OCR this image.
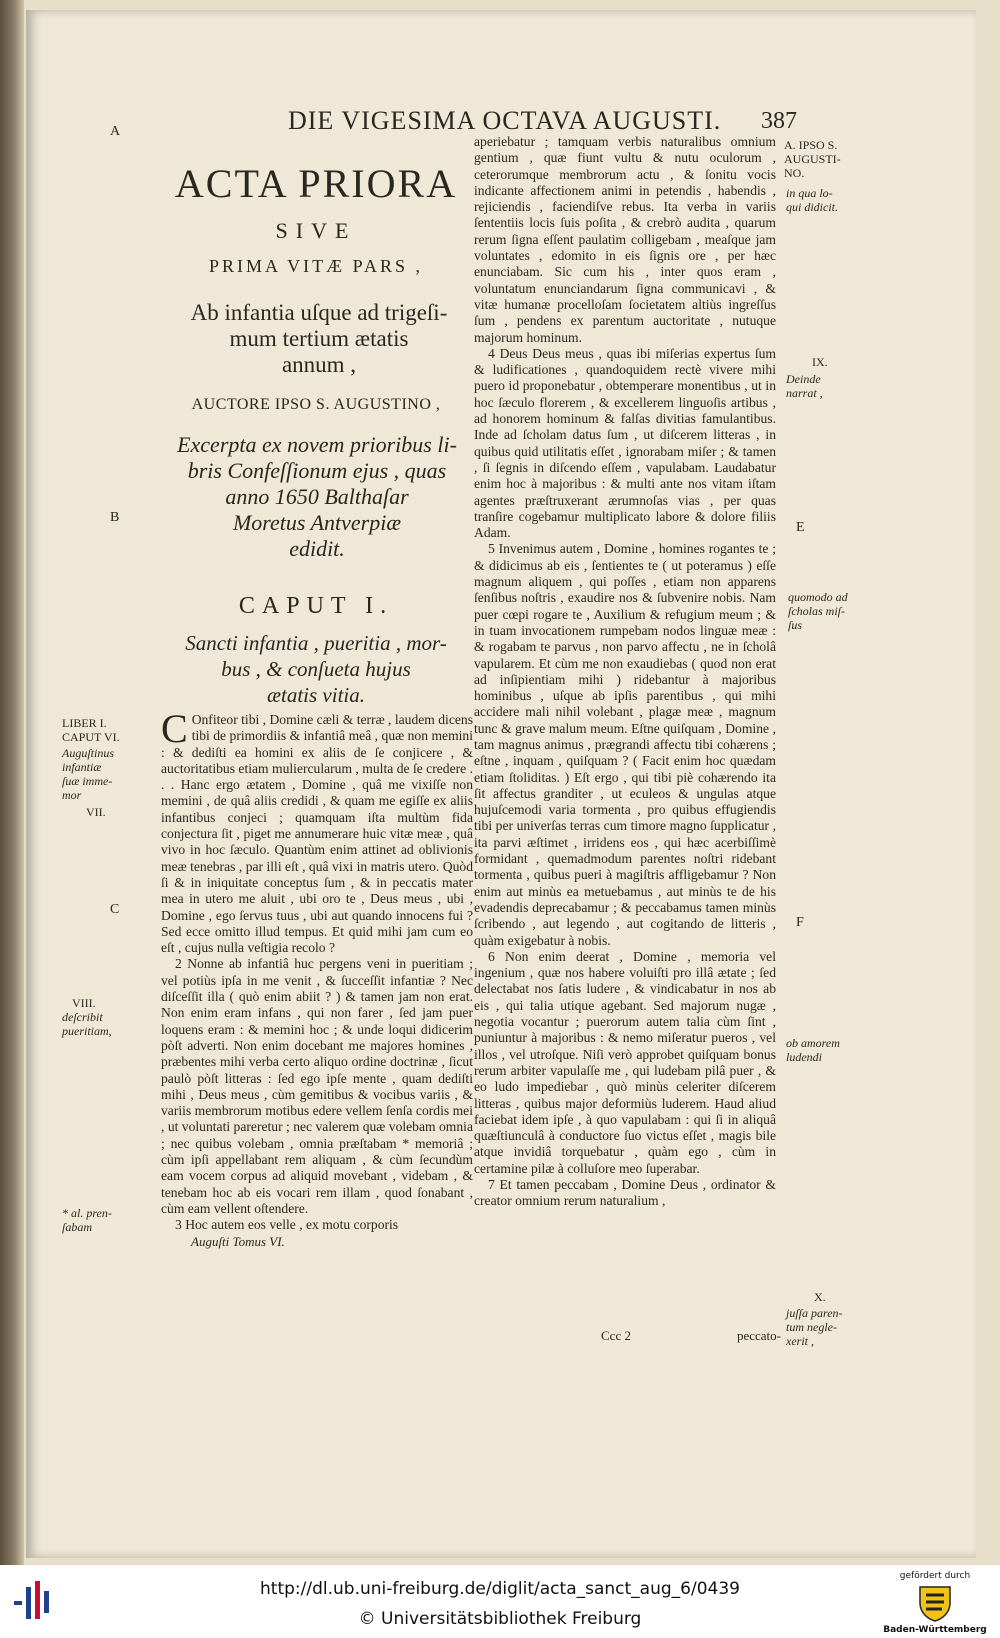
DIE VIGESIMA OCTAVA AUGUSTI. 387
A
B
C
E
F
ACTA PRIORA
SIVE
PRIMA VITÆ PARS ,
Ab infantia uſque ad trigeſi-
mum tertium ætatis
annum ,
AUCTORE IPSO S. AUGUSTINO ,
Excerpta ex novem prioribus li-
bris Confeſſionum ejus , quas
anno 1650 Balthaſar
Moretus Antverpiæ
edidit.
CAPUT I.
Sancti infantia , pueritia , mor-
bus , & conſueta hujus
ætatis vitia.

C Onfiteor tibi , Domine cæli & terræ , laudem dicens tibi de primordiis & infantiâ meâ , quæ non memini : & dediſti ea homini ex aliis de ſe conjicere , & auctoritatibus etiam muliercularum , multa de ſe credere . . . Hanc ergo ætatem , Domine , quâ me vixiſſe non memini , de quâ aliis credidi , & quam me egiſſe ex aliis infantibus conjeci ; quamquam iſta multùm fida conjectura ſit , piget me annumerare huic vitæ meæ , quâ vivo in hoc ſæculo. Quantùm enim attinet ad oblivionis meæ tenebras , par illi eſt , quâ vixi in matris utero. Quòd ſi & in iniquitate conceptus ſum , & in peccatis mater mea in utero me aluit , ubi oro te , Deus meus , ubi , Domine , ego ſervus tuus , ubi aut quando innocens fui ? Sed ecce omitto illud tempus. Et quid mihi jam cum eo eſt , cujus nulla veſtigia recolo ?

2 Nonne ab infantiâ huc pergens veni in pueritiam ; vel potiùs ipſa in me venit , & ſucceſſit infantiæ ? Nec diſceſſit illa ( quò enim abiit ? ) & tamen jam non erat. Non enim eram infans , qui non farer , ſed jam puer loquens eram : & memini hoc ; & unde loqui didicerim pòſt adverti. Non enim docebant me majores homines , præbentes mihi verba certo aliquo ordine doctrinæ , ſicut paulò pòſt litteras : ſed ego ipſe mente , quam dediſti mihi , Deus meus , cùm gemitibus & vocibus variis , & variis membrorum motibus edere vellem ſenſa cordis mei , ut voluntati pareretur ; nec valerem quæ volebam omnia ; nec quibus volebam , omnia præſtabam * memoriâ ; cùm ipſi appellabant rem aliquam , & cùm ſecundùm eam vocem corpus ad aliquid movebant , videbam , & tenebam hoc ab eis vocari rem illam , quod ſonabant , cùm eam vellent oſtendere.

3 Hoc autem eos velle , ex motu corporis

Auguſti Tomus VI.

aperiebatur ; tamquam verbis naturalibus omnium gentium , quæ fiunt vultu & nutu oculorum , ceterorumque membrorum actu , & ſonitu vocis indicante affectionem animi in petendis , habendis , rejiciendis , faciendiſve rebus. Ita verba in variis ſententiis locis ſuis poſita , & crebrò audita , quarum rerum ſigna eſſent paulatim colligebam , meaſque jam voluntates , edomito in eis ſignis ore , per hæc enunciabam. Sic cum his , inter quos eram , voluntatum enunciandarum ſigna communicavi , & vitæ humanæ procelloſam ſocietatem altiùs ingreſſus ſum , pendens ex parentum auctoritate , nutuque majorum hominum.

4 Deus Deus meus , quas ibi miſerias expertus ſum & ludificationes , quandoquidem rectè vivere mihi puero id proponebatur , obtemperare monentibus , ut in hoc ſæculo florerem , & excellerem linguoſis artibus , ad honorem hominum & falſas divitias famulantibus. Inde ad ſcholam datus ſum , ut diſcerem litteras , in quibus quid utilitatis eſſet , ignorabam miſer ; & tamen , ſi ſegnis in diſcendo eſſem , vapulabam. Laudabatur enim hoc à majoribus : & multi ante nos vitam iſtam agentes præſtruxerant ærumnoſas vias , per quas tranſire cogebamur multiplicato labore & dolore filiis Adam.

5 Invenimus autem , Domine , homines rogantes te ; & didicimus ab eis , ſentientes te ( ut poteramus ) eſſe magnum aliquem , qui poſſes , etiam non apparens ſenſibus noſtris , exaudire nos & ſubvenire nobis. Nam puer cœpi rogare te , Auxilium & refugium meum ; & in tuam invocationem rumpebam nodos linguæ meæ : & rogabam te parvus , non parvo affectu , ne in ſcholâ vapularem. Et cùm me non exaudiebas ( quod non erat ad inſipientiam mihi ) ridebantur à majoribus hominibus , uſque ab ipſis parentibus , qui mihi accidere mali nihil volebant , plagæ meæ , magnum tunc & grave malum meum. Eſtne quiſquam , Domine , tam magnus animus , prægrandi affectu tibi cohærens ; eſtne , inquam , quiſquam ? ( Facit enim hoc quædam etiam ſtoliditas. ) Eſt ergo , qui tibi piè cohærendo ita ſit affectus granditer , ut eculeos & ungulas atque hujuſcemodi varia tormenta , pro quibus effugiendis tibi per univerſas terras cum timore magno ſupplicatur , ita parvi æſtimet , irridens eos , qui hæc acerbiſſimè formidant , quemadmodum parentes noſtri ridebant tormenta , quibus pueri à magiſtris affligebamur ? Non enim aut minùs ea metuebamus , aut minùs te de his evadendis deprecabamur ; & peccabamus tamen minùs ſcribendo , aut legendo , aut cogitando de litteris , quàm exigebatur à nobis.

6 Non enim deerat , Domine , memoria vel ingenium , quæ nos habere voluiſti pro illâ ætate ; ſed delectabat nos ſatis ludere , & vindicabatur in nos ab eis , qui talia utique agebant. Sed majorum nugæ , negotia vocantur ; puerorum autem talia cùm ſint , puniuntur à majoribus : & nemo miſeratur pueros , vel illos , vel utroſque. Niſi verò approbet quiſquam bonus rerum arbiter vapulaſſe me , qui ludebam pilâ puer , & eo ludo impediebar , quò minùs celeriter diſcerem litteras , quibus major deformiùs luderem. Haud aliud faciebat idem ipſe , à quo vapulabam : qui ſi in aliquâ quæſtiunculâ à conductore ſuo victus eſſet , magis bile atque invidiâ torquebatur , quàm ego , cùm in certamine pilæ à colluſore meo ſuperabar.

7 Et tamen peccabam , Domine Deus , ordinator & creator omnium rerum naturalium ,

Ccc 2	peccato-
LIBER I.
CAPUT VI.
Auguſtinus
infantiæ
ſuæ imme-
mor
VII.
VIII.
deſcribit
pueritiam,
* al. pren-
ſabam
A. IPSO S.
AUGUSTI-
NO.
in qua lo-
qui didicit.
IX.
Deinde
narrat ,
quomodo ad
ſcholas miſ-
ſus
ob amorem
ludendi
X.
juſſa paren-
tum negle-
xerit ,
http://dl.ub.uni-freiburg.de/diglit/acta_sanct_aug_6/0439
© Universitätsbibliothek Freiburg
gefördert durch
Baden-Württemberg
